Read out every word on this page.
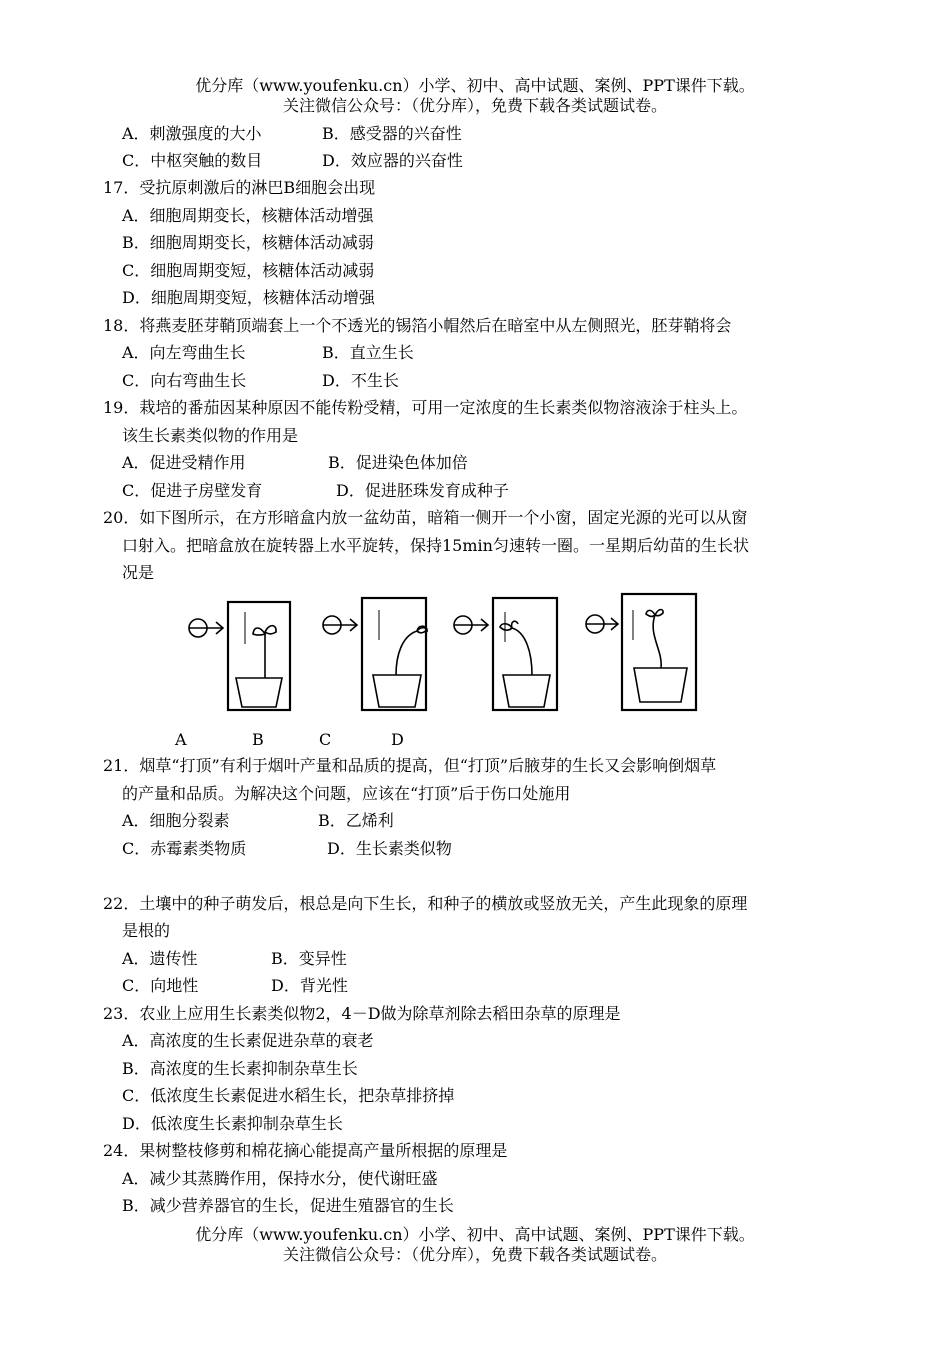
优分库（www.youfenku.cn）小学、初中、高中试题、案例、PPT课件下载。
关注微信公众号：（优分库），免费下载各类试题试卷。
A．刺激强度的大小	B．感受器的兴奋性
C．中枢突触的数目	D．效应器的兴奋性
17．受抗原刺激后的淋巴B细胞会出现
A．细胞周期变长，核糖体活动增强
B．细胞周期变长，核糖体活动减弱
C．细胞周期变短，核糖体活动减弱
D．细胞周期变短，核糖体活动增强
18．将燕麦胚芽鞘顶端套上一个不透光的锡箔小帽然后在暗室中从左侧照光，胚芽鞘将会
A．向左弯曲生长	B．直立生长
C．向右弯曲生长	D．不生长
19．栽培的番茄因某种原因不能传粉受精，可用一定浓度的生长素类似物溶液涂于柱头上。
该生长素类似物的作用是
A．促进受精作用	B．促进染色体加倍
C．促进子房壁发育	D．促进胚珠发育成种子
20．如下图所示，在方形暗盒内放一盆幼苗，暗箱一侧开一个小窗，固定光源的光可以从窗
口射入。把暗盒放在旋转器上水平旋转，保持15min匀速转一圈。一星期后幼苗的生长状
况是
A	B	C	D
21．烟草“打顶”有利于烟叶产量和品质的提高，但“打顶”后腋芽的生长又会影响倒烟草
的产量和品质。为解决这个问题，应该在“打顶”后于伤口处施用
A．细胞分裂素	B．乙烯利
C．赤霉素类物质	D．生长素类似物
22．土壤中的种子萌发后，根总是向下生长，和种子的横放或竖放无关，产生此现象的原理
是根的
A．遗传性	B．变异性
C．向地性	D．背光性
23．农业上应用生长素类似物2，4－D做为除草剂除去稻田杂草的原理是
A．高浓度的生长素促进杂草的衰老
B．高浓度的生长素抑制杂草生长
C．低浓度生长素促进水稻生长，把杂草排挤掉
D．低浓度生长素抑制杂草生长
24．果树整枝修剪和棉花摘心能提高产量所根据的原理是
A．减少其蒸腾作用，保持水分，使代谢旺盛
B．减少营养器官的生长，促进生殖器官的生长
优分库（www.youfenku.cn）小学、初中、高中试题、案例、PPT课件下载。
关注微信公众号：（优分库），免费下载各类试题试卷。
